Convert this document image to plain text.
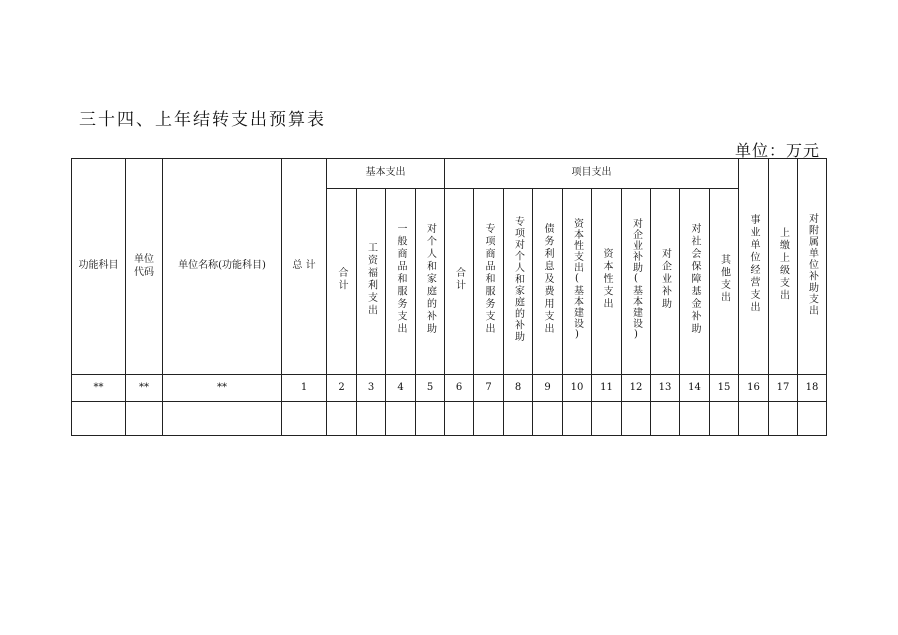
三十四、上年结转支出预算表
单位：万元
功能科目	单位代码	单位名称(功能科目)	总 计	基本支出				项目支出										事业单位经营支出	上缴上级支出	对附属单位补助支出
				合计	工资福利支出	一般商品和服务支出	对个人和家庭的补助	合计	专项商品和服务支出	专项对个人和家庭的补助	债务利息及费用支出	资本性支出(基本建设)	资本性支出	对企业补助(基本建设)	对企业补助	对社会保障基金补助	其他支出			
**	**	**	1	2	3	4	5	6	7	8	9	10	11	12	13	14	15	16	17	18
